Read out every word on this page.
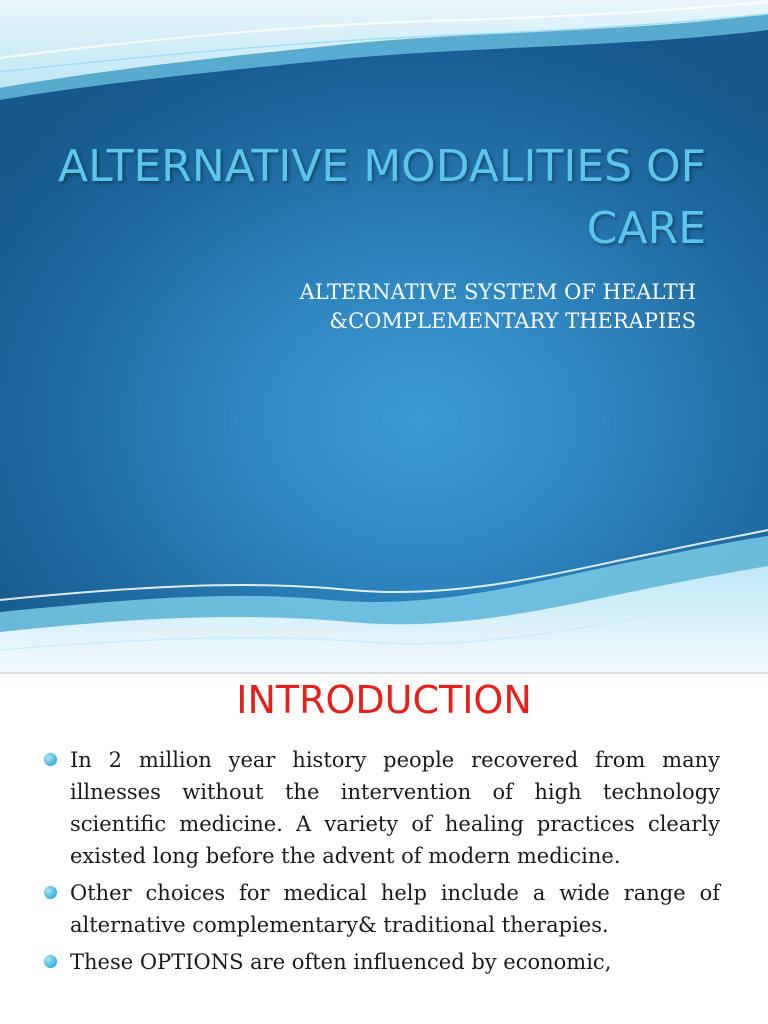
ALTERNATIVE MODALITIES OF CARE
ALTERNATIVE SYSTEM OF HEALTH
&COMPLEMENTARY THERAPIES
INTRODUCTION
In 2 million year history people recovered from many illnesses without the intervention of high technology scientific medicine. A variety of healing practices clearly existed long before the advent of modern medicine.
Other choices for medical help include a wide range of alternative complementary& traditional therapies.
These OPTIONS are often influenced by economic,
